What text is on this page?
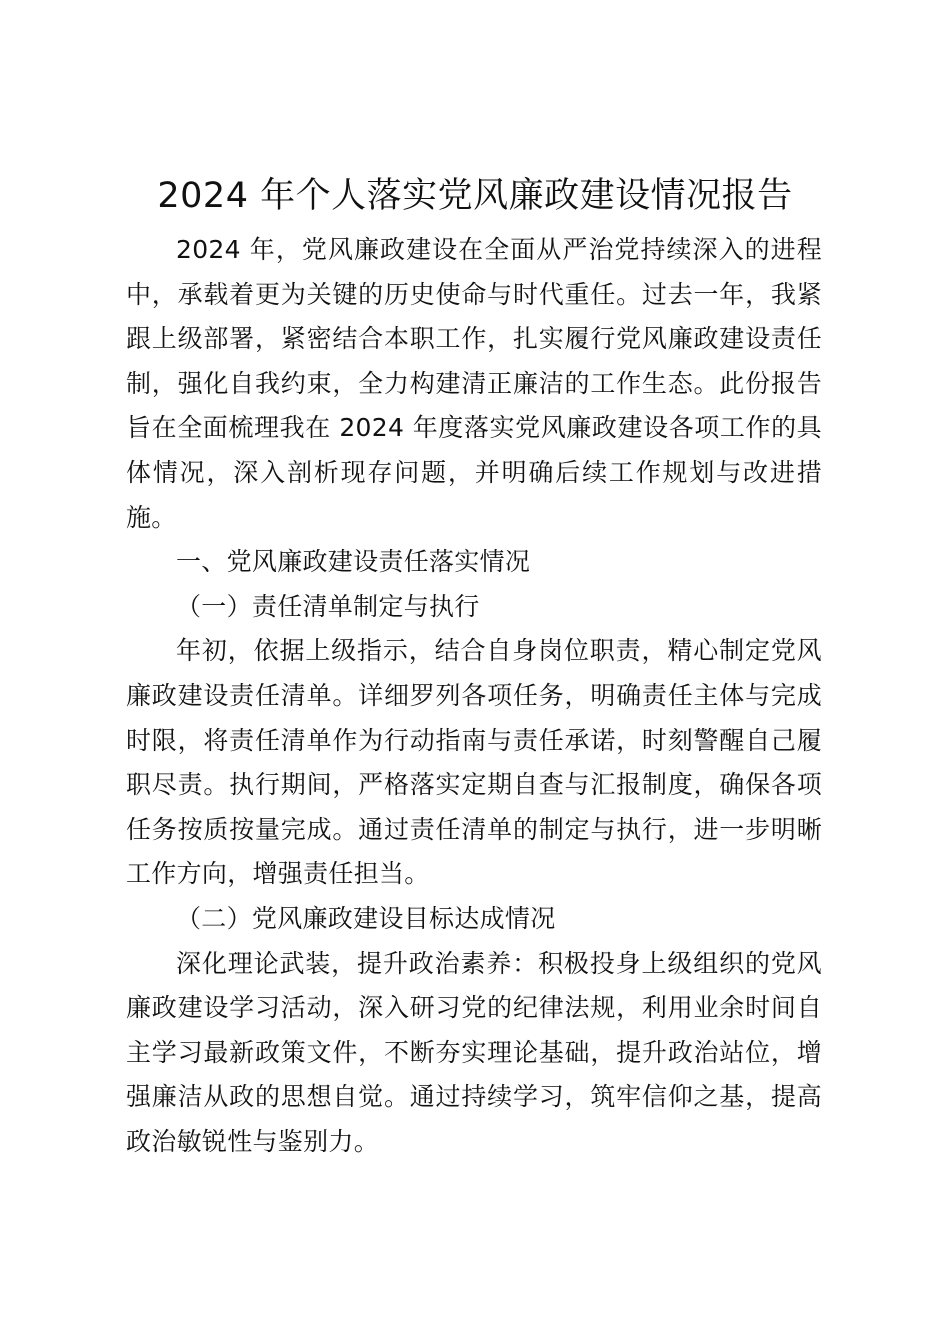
2024 年个人落实党风廉政建设情况报告

2024 年，党风廉政建设在全面从严治党持续深入的进程中，承载着更为关键的历史使命与时代重任。过去一年，我紧跟上级部署，紧密结合本职工作，扎实履行党风廉政建设责任制，强化自我约束，全力构建清正廉洁的工作生态。此份报告旨在全面梳理我在 2024 年度落实党风廉政建设各项工作的具体情况，深入剖析现存问题，并明确后续工作规划与改进措施。

一、党风廉政建设责任落实情况

（一）责任清单制定与执行

年初，依据上级指示，结合自身岗位职责，精心制定党风廉政建设责任清单。详细罗列各项任务，明确责任主体与完成时限，将责任清单作为行动指南与责任承诺，时刻警醒自己履职尽责。执行期间，严格落实定期自查与汇报制度，确保各项任务按质按量完成。通过责任清单的制定与执行，进一步明晰工作方向，增强责任担当。

（二）党风廉政建设目标达成情况

深化理论武装，提升政治素养：积极投身上级组织的党风廉政建设学习活动，深入研习党的纪律法规，利用业余时间自主学习最新政策文件，不断夯实理论基础，提升政治站位，增强廉洁从政的思想自觉。通过持续学习，筑牢信仰之基，提高政治敏锐性与鉴别力。
